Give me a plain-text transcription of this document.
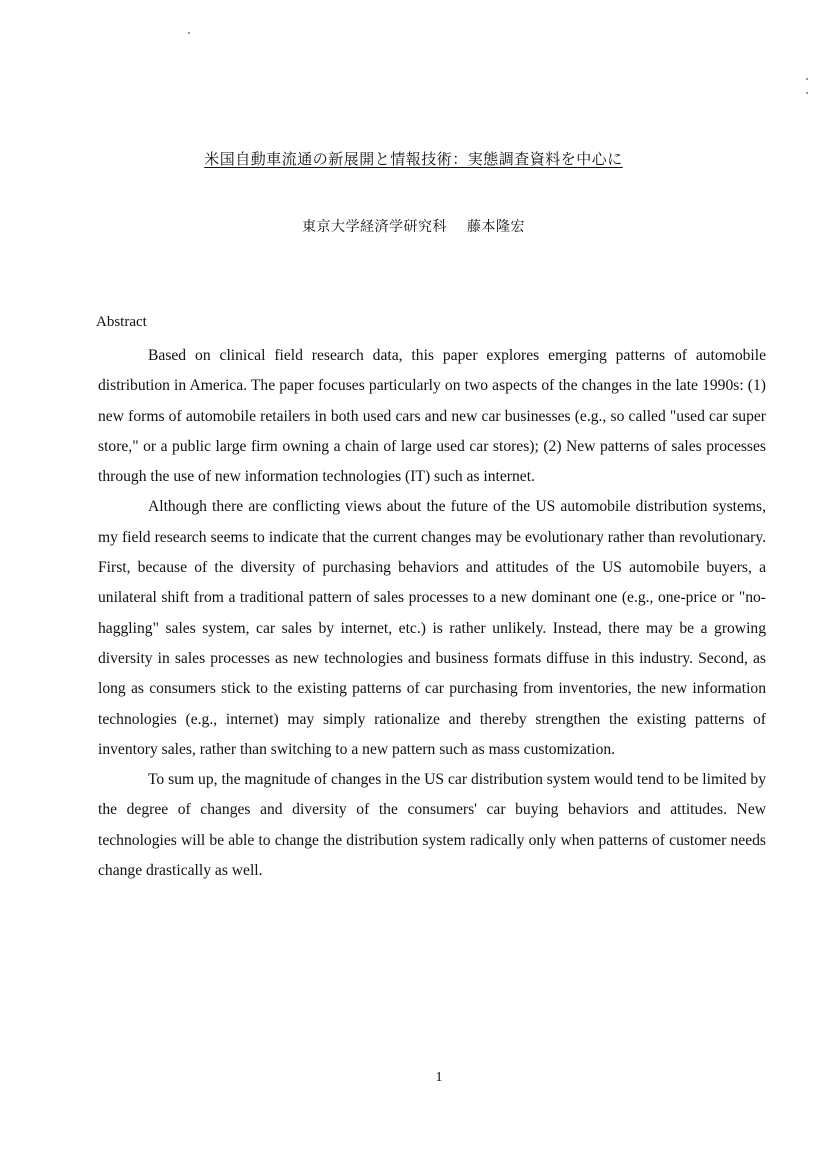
米国自動車流通の新展開と情報技術：実態調査資料を中心に
東京大学経済学研究科 藤本隆宏
Abstract

Based on clinical field research data, this paper explores emerging patterns of automobile distribution in America. The paper focuses particularly on two aspects of the changes in the late 1990s: (1) new forms of automobile retailers in both used cars and new car businesses (e.g., so called "used car super store," or a public large firm owning a chain of large used car stores); (2) New patterns of sales processes through the use of new information technologies (IT) such as internet.

Although there are conflicting views about the future of the US automobile distribution systems, my field research seems to indicate that the current changes may be evolutionary rather than revolutionary. First, because of the diversity of purchasing behaviors and attitudes of the US automobile buyers, a unilateral shift from a traditional pattern of sales processes to a new dominant one (e.g., one-price or "no-haggling" sales system, car sales by internet, etc.) is rather unlikely. Instead, there may be a growing diversity in sales processes as new technologies and business formats diffuse in this industry. Second, as long as consumers stick to the existing patterns of car purchasing from inventories, the new information technologies (e.g., internet) may simply rationalize and thereby strengthen the existing patterns of inventory sales, rather than switching to a new pattern such as mass customization.

To sum up, the magnitude of changes in the US car distribution system would tend to be limited by the degree of changes and diversity of the consumers' car buying behaviors and attitudes. New technologies will be able to change the distribution system radically only when patterns of customer needs change drastically as well.

1
